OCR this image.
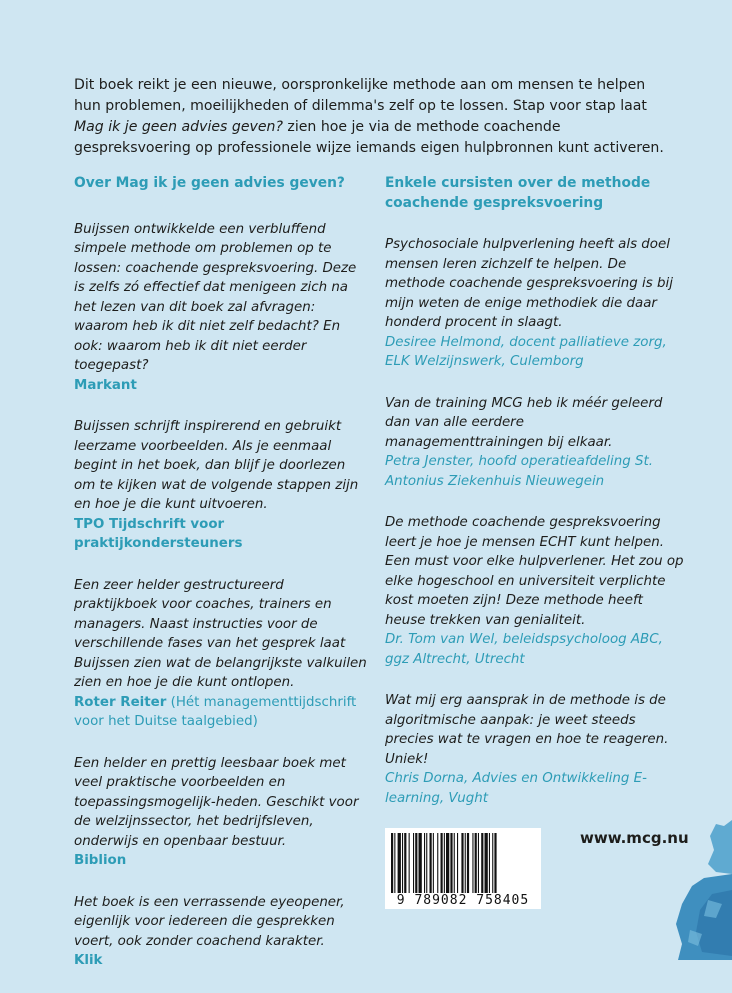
Dit boek reikt je een nieuwe, oorspronkelijke methode aan om mensen te helpen hun problemen, moeilijkheden of dilemma's zelf op te lossen. Stap voor stap laat Mag ik je geen advies geven? zien hoe je via de methode coachende gespreksvoering op professionele wijze iemands eigen hulpbronnen kunt activeren.
Over Mag ik je geen advies geven?

Buijssen ontwikkelde een verbluffend simpele methode om problemen op te lossen: coachende gespreksvoering. Deze is zelfs zó effectief dat menigeen zich na het lezen van dit boek zal afvragen: waarom heb ik dit niet zelf bedacht? En ook: waarom heb ik dit niet eerder toegepast?

Markant

Buijssen schrijft inspirerend en gebruikt leerzame voorbeelden. Als je eenmaal begint in het boek, dan blijf je doorlezen om te kijken wat de volgende stappen zijn en hoe je die kunt uitvoeren.

TPO Tijdschrift voor praktijkondersteuners

Een zeer helder gestructureerd praktijkboek voor coaches, trainers en managers. Naast instructies voor de verschillende fases van het gesprek laat Buijssen zien wat de belangrijkste valkuilen zien en hoe je die kunt ontlopen.

Roter Reiter (Hét managementtijdschrift voor het Duitse taalgebied)

Een helder en prettig leesbaar boek met veel praktische voorbeelden en toepassingsmogelijk-heden. Geschikt voor de welzijnssector, het bedrijfsleven, onderwijs en openbaar bestuur.

Biblion

Het boek is een verrassende eyeopener, eigenlijk voor iedereen die gesprekken voert, ook zonder coachend karakter.

Klik
Enkele cursisten over de methode coachende gespreksvoering

Psychosociale hulpverlening heeft als doel mensen leren zichzelf te helpen. De methode coachende gespreksvoering is bij mijn weten de enige methodiek die daar honderd procent in slaagt.

Desiree Helmond, docent palliatieve zorg, ELK Welzijnswerk, Culemborg

Van de training MCG heb ik méér geleerd dan van alle eerdere managementtrainingen bij elkaar.

Petra Jenster, hoofd operatieafdeling St. Antonius Ziekenhuis Nieuwegein

De methode coachende gespreksvoering leert je hoe je mensen ECHT kunt helpen. Een must voor elke hulpverlener. Het zou op elke hogeschool en universiteit verplichte kost moeten zijn! Deze methode heeft heuse trekken van genialiteit.

Dr. Tom van Wel, beleidspsycholoog ABC, ggz Altrecht, Utrecht

Wat mij erg aansprak in de methode is de algoritmische aanpak: je weet steeds precies wat te vragen en hoe te reageren. Uniek!

Chris Dorna, Advies en Ontwikkeling E-learning, Vught
9 789082 758405
www.mcg.nu
